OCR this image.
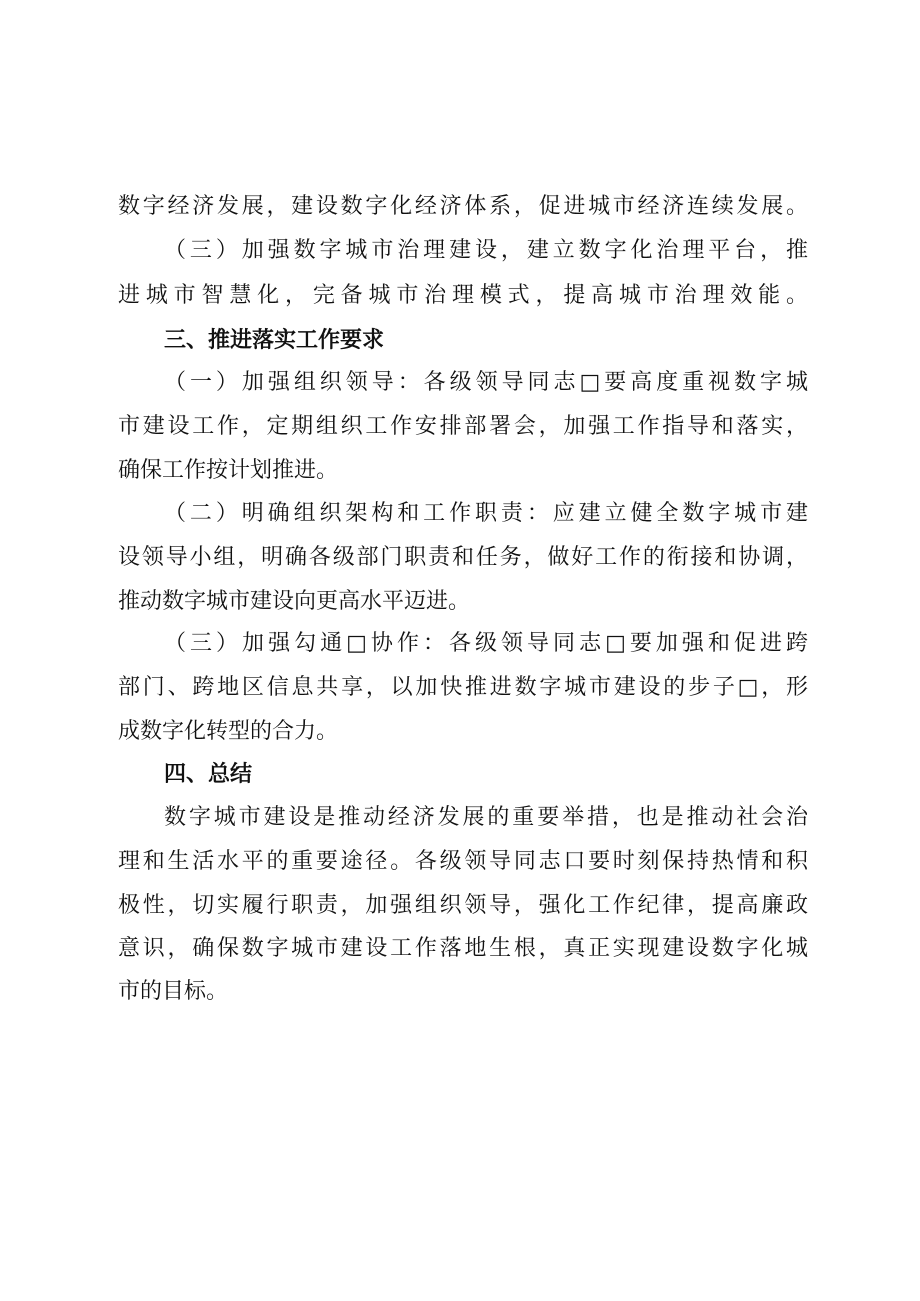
数字经济发展，建设数字化经济体系，促进城市经济连续发展。
（三）加强数字城市治理建设，建立数字化治理平台，推
进城市智慧化，完备城市治理模式，提高城市治理效能。
三、推进落实工作要求
（一）加强组织领导：各级领导同志□要高度重视数字城
市建设工作，定期组织工作安排部署会，加强工作指导和落实，
确保工作按计划推进。
（二）明确组织架构和工作职责：应建立健全数字城市建
设领导小组，明确各级部门职责和任务，做好工作的衔接和协调，
推动数字城市建设向更高水平迈进。
（三）加强勾通□协作：各级领导同志□要加强和促进跨
部门、跨地区信息共享，以加快推进数字城市建设的步子□，形
成数字化转型的合力。
四、总结
数字城市建设是推动经济发展的重要举措，也是推动社会治
理和生活水平的重要途径。各级领导同志口要时刻保持热情和积
极性，切实履行职责，加强组织领导，强化工作纪律，提高廉政
意识，确保数字城市建设工作落地生根，真正实现建设数字化城
市的目标。
